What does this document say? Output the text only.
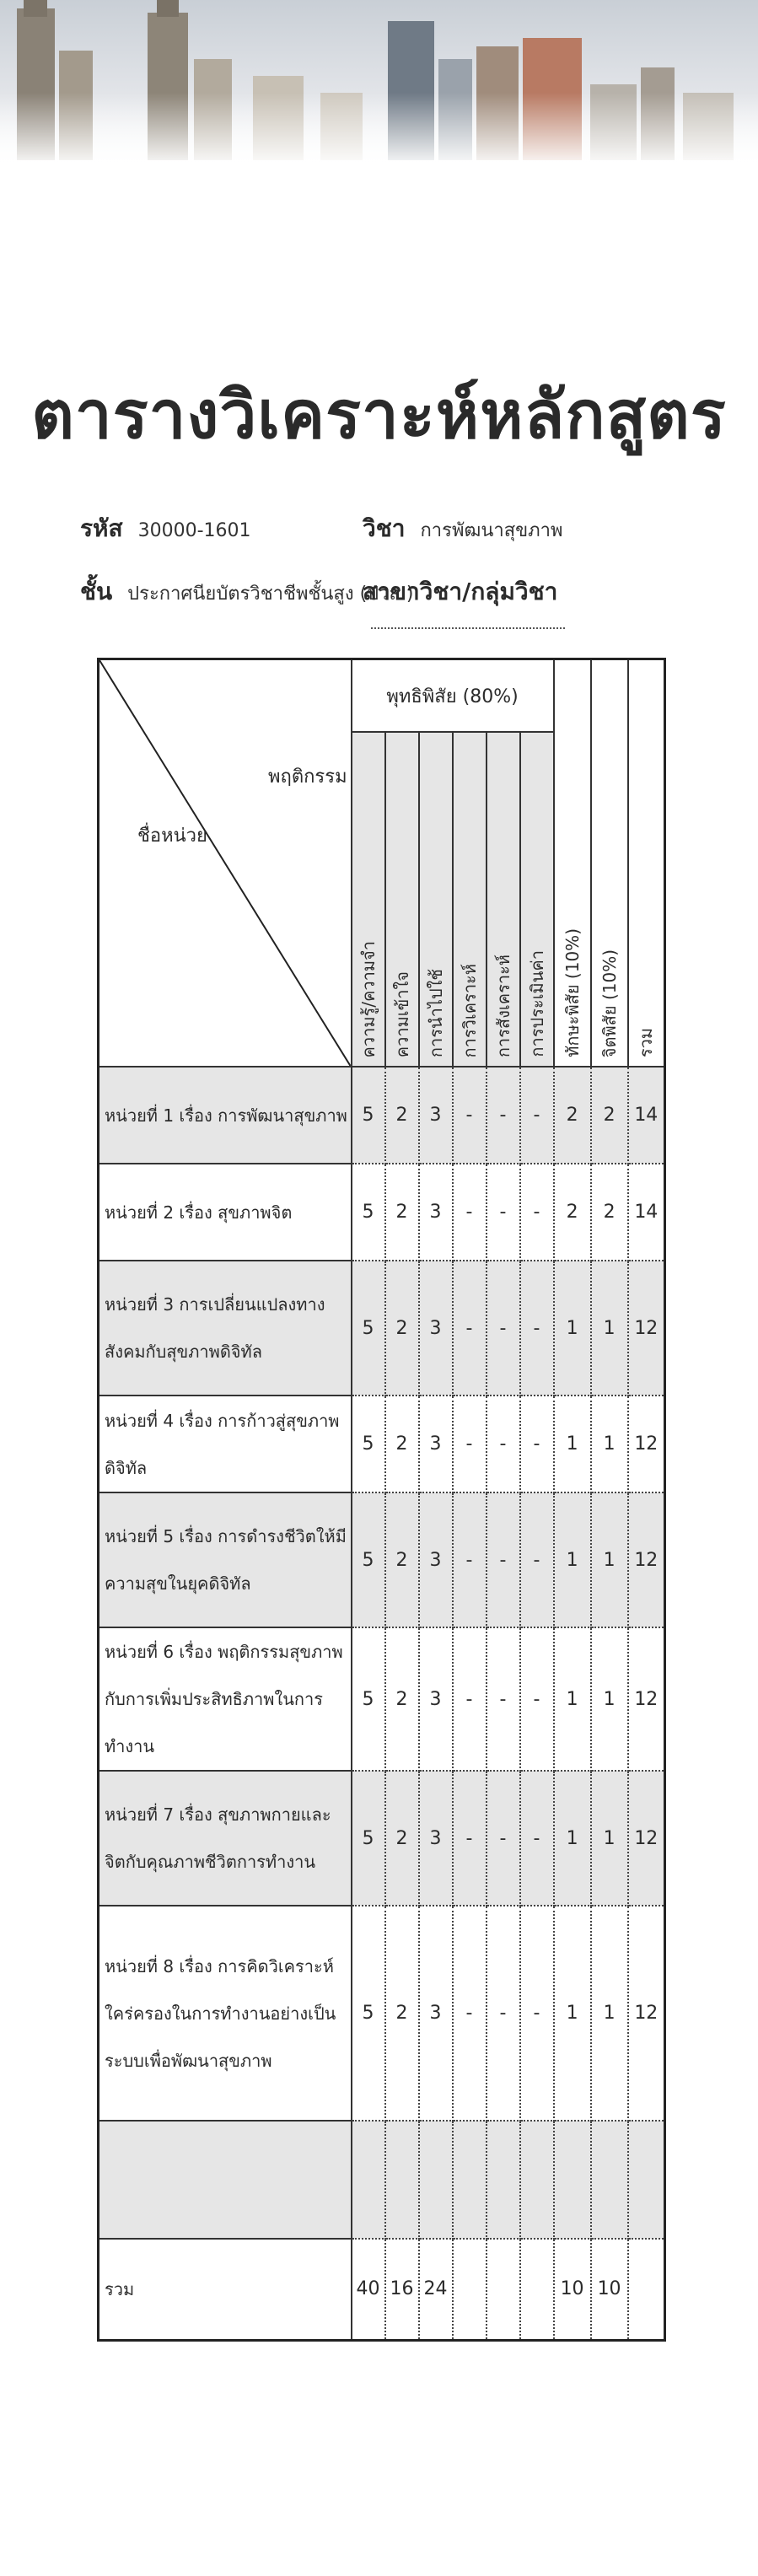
ตารางวิเคราะห์หลักสูตร
รหัส 30000-1601	วิชา การพัฒนาสุขภาพ
ชั้น ประกาศนียบัตรวิชาชีพชั้นสูง (ปวส.)
สาขาวิชา/กลุ่มวิชา
พฤติกรรม
ชื่อหน่วย	พุทธิพิสัย (80%)						ทักษะพิสัย (10%)	จิตพิสัย (10%)	รวม

	ความรู้/ความจำ	ความเข้าใจ	การนำไปใช้	การวิเคราะห์	การสังเคราะห์	การประเมินค่า			

หน่วยที่ 1 เรื่อง การพัฒนาสุขภาพ	5	2	3	-	-	-	2	2	14
หน่วยที่ 2 เรื่อง สุขภาพจิต	5	2	3	-	-	-	2	2	14
หน่วยที่ 3 การเปลี่ยนแปลงทางสังคมกับสุขภาพดิจิทัล	5	2	3	-	-	-	1	1	12
หน่วยที่ 4 เรื่อง การก้าวสู่สุขภาพดิจิทัล	5	2	3	-	-	-	1	1	12
หน่วยที่ 5 เรื่อง การดำรงชีวิตให้มีความสุขในยุคดิจิทัล	5	2	3	-	-	-	1	1	12
หน่วยที่ 6 เรื่อง พฤติกรรมสุขภาพกับการเพิ่มประสิทธิภาพในการทำงาน	5	2	3	-	-	-	1	1	12
หน่วยที่ 7 เรื่อง สุขภาพกายและจิตกับคุณภาพชีวิตการทำงาน	5	2	3	-	-	-	1	1	12
หน่วยที่ 8 เรื่อง การคิดวิเคราะห์ ใคร่ครองในการทำงานอย่างเป็นระบบเพื่อพัฒนาสุขภาพ	5	2	3	-	-	-	1	1	12

รวม	40	16	24				10	10	
